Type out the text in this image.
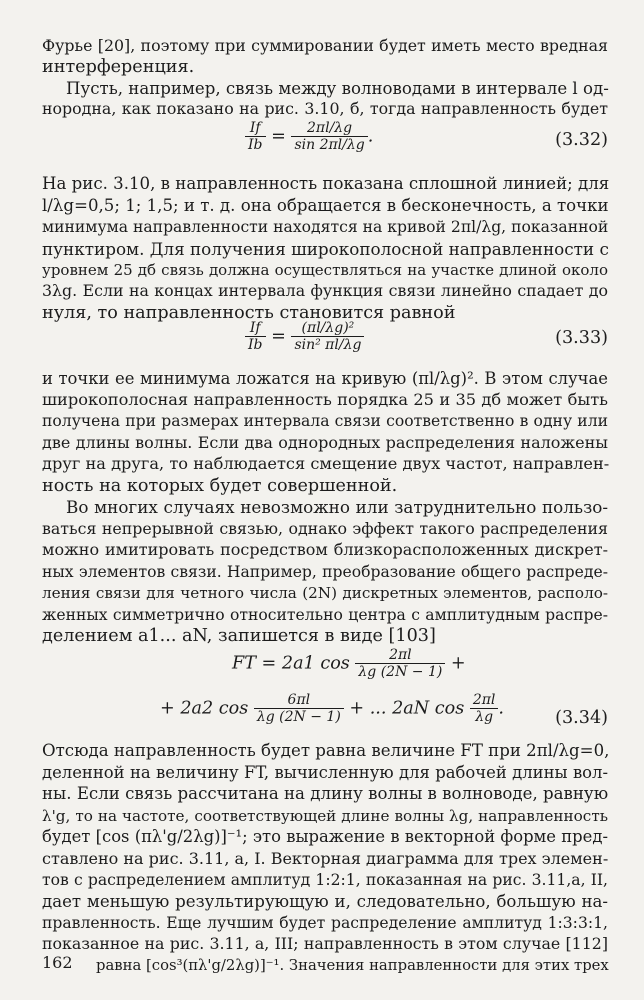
Фурье [20], поэтому при суммировании будет иметь место вредная
интерференция.
Пусть, например, связь между волноводами в интервале l од-
нородна, как показано на рис. 3.10, б, тогда направленность будет
$\frac{If}{Ib} = \frac{2\pi l/\lambda g}{\sin 2\pi l/\lambda g}$ .	(3.32)
На рис. 3.10, в направленность показана сплошной линией; для
l/λg=0,5; 1; 1,5; и т. д. она обращается в бесконечность, а точки
минимума направленности находятся на кривой 2πl/λg, показанной
пунктиром. Для получения широкополосной направленности с
уровнем 25 дб связь должна осуществляться на участке длиной около
3λg. Если на концах интервала функция связи линейно спадает до
нуля, то направленность становится равной
$\frac{If}{Ib} = \frac{\text{(πl/λg)²}}{\text{sin² πl/λg}}$	(3.33)
и точки ее минимума ложатся на кривую (πl/λg)². В этом случае
широкополосная направленность порядка 25 и 35 дб может быть
получена при размерах интервала связи соответственно в одну или
две длины волны. Если два однородных распределения наложены
друг на друга, то наблюдается смещение двух частот, направлен-
ность на которых будет совершенной.
Во многих случаях невозможно или затруднительно пользо-
ваться непрерывной связью, однако эффект такого распределения
можно имитировать посредством близкорасположенных дискрет-
ных элементов связи. Например, преобразование общего распреде-
ления связи для четного числа (2N) дискретных элементов, располо-
женных симметрично относительно центра с амплитудным распре-
делением a1... aN, запишется в виде [103]
FT = 2a1 $\cos \frac{2\pi l}{\lambda g (2N - 1)}$ +
+ 2a2 $\cos \frac{6\pi l}{\lambda g (2N - 1)}$ + ... 2aN $\cos \frac{2\pi l}{\lambda g}$ .	(3.34)
Отсюда направленность будет равна величине FT при 2πl/λg=0,
деленной на величину FT, вычисленную для рабочей длины вол-
ны. Если связь рассчитана на длину волны в волноводе, равную
λ'g, то на частоте, соответствующей длине волны λg, направленность
будет [cos (πλ'g/2λg)]⁻¹; это выражение в векторной форме пред-
ставлено на рис. 3.11, a, I. Векторная диаграмма для трех элемен-
тов с распределением амплитуд 1:2:1, показанная на рис. 3.11,a, II,
дает меньшую результирующую и, следовательно, большую на-
правленность. Еще лучшим будет распределение амплитуд 1:3:3:1,
показанное на рис. 3.11, a, III; направленность в этом случае [112]
равна [cos³(πλ'g/2λg)]⁻¹. Значения направленности для этих трех
162
